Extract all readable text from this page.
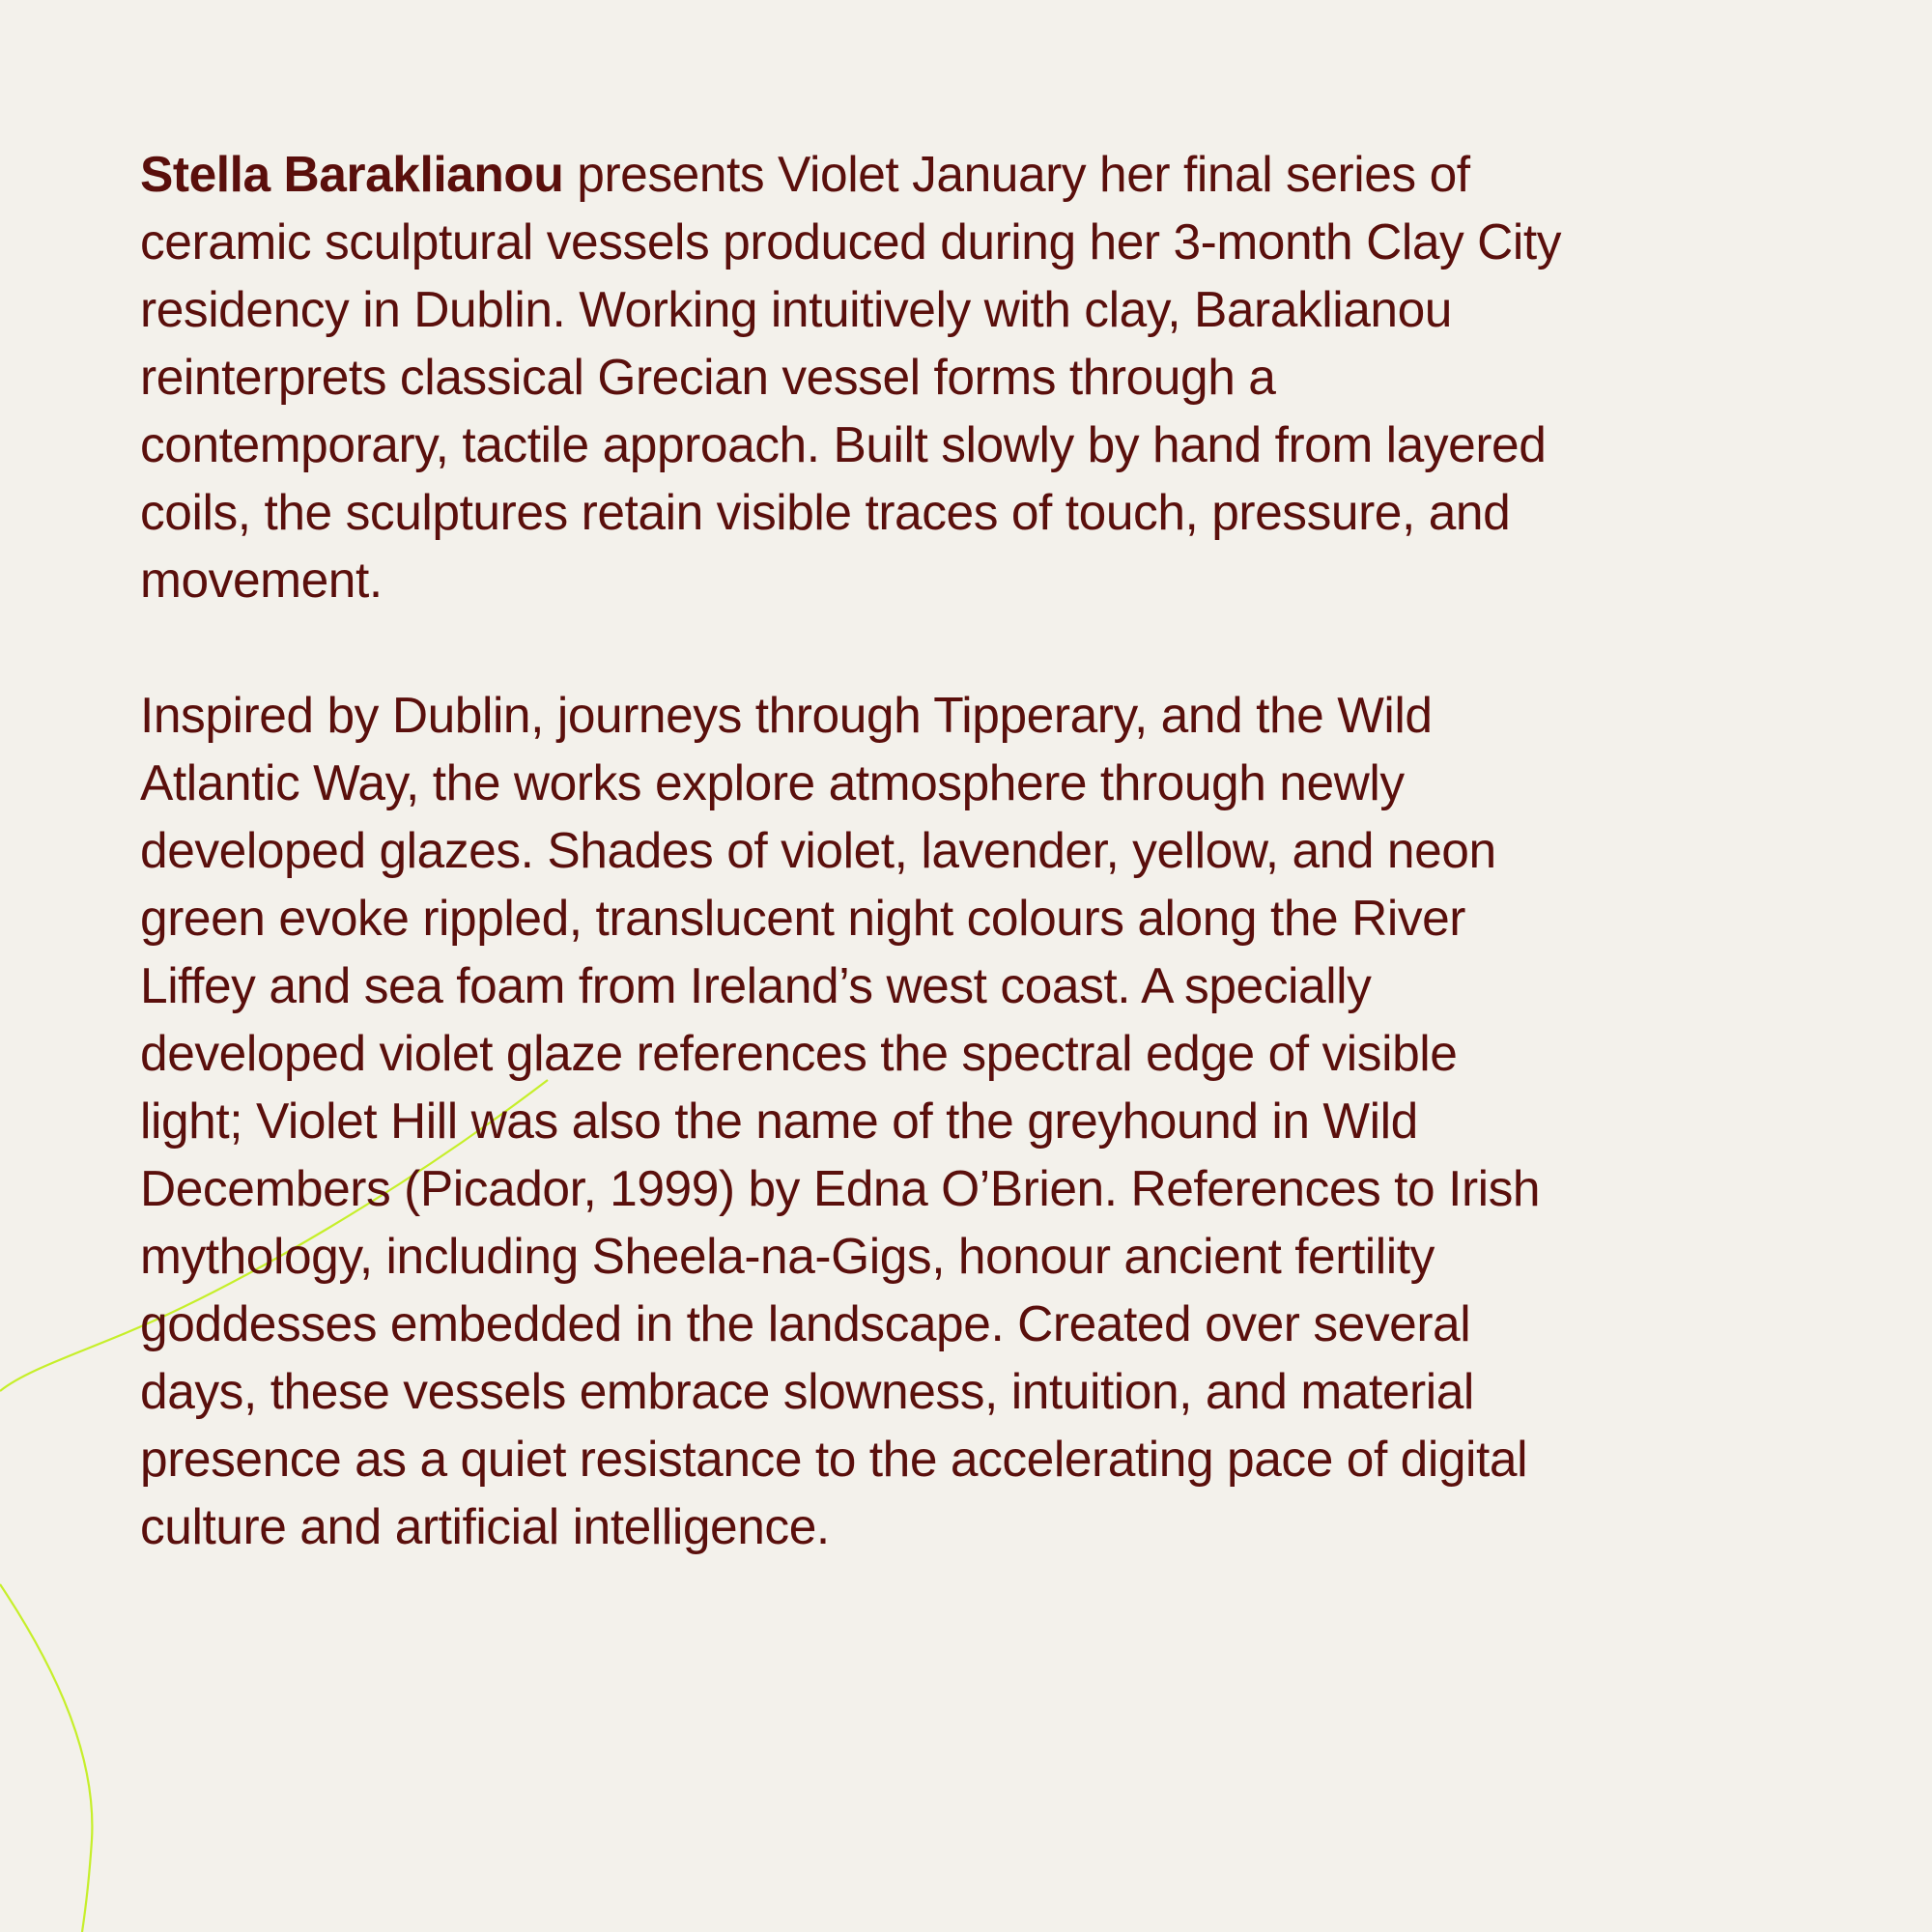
Stella Baraklianou presents Violet January her final series of
ceramic sculptural vessels produced during her 3-month Clay City
residency in Dublin. Working intuitively with clay, Baraklianou
reinterprets classical Grecian vessel forms through a
contemporary, tactile approach. Built slowly by hand from layered
coils, the sculptures retain visible traces of touch, pressure, and
movement.
Inspired by Dublin, journeys through Tipperary, and the Wild
Atlantic Way, the works explore atmosphere through newly
developed glazes. Shades of violet, lavender, yellow, and neon
green evoke rippled, translucent night colours along the River
Liffey and sea foam from Ireland’s west coast. A specially
developed violet glaze references the spectral edge of visible
light; Violet Hill was also the name of the greyhound in Wild
Decembers (Picador, 1999) by Edna O’Brien. References to Irish
mythology, including Sheela-na-Gigs, honour ancient fertility
goddesses embedded in the landscape. Created over several
days, these vessels embrace slowness, intuition, and material
presence as a quiet resistance to the accelerating pace of digital
culture and artificial intelligence.
